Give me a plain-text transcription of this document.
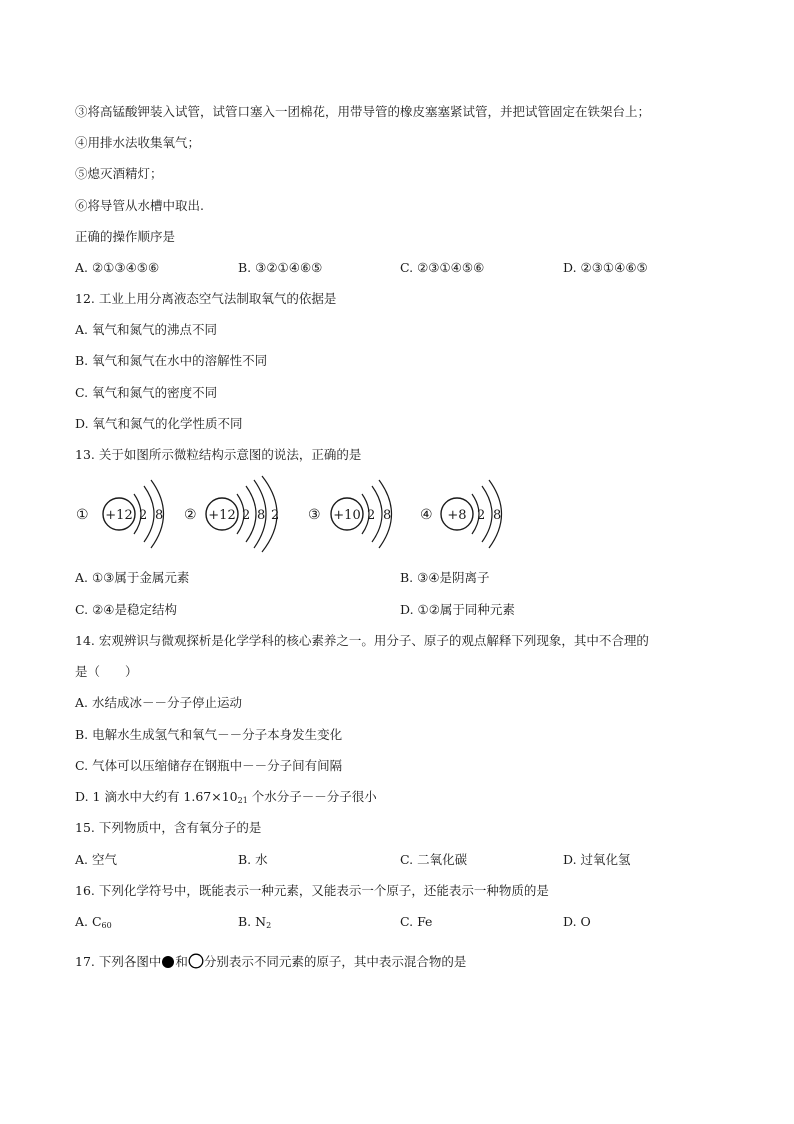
③将高锰酸钾装入试管，试管口塞入一团棉花，用带导管的橡皮塞塞紧试管，并把试管固定在铁架台上；
④用排水法收集氧气；
⑤熄灭酒精灯；
⑥将导管从水槽中取出.
正确的操作顺序是
A. ②①③④⑤⑥	B. ③②①④⑥⑤	C. ②③①④⑤⑥	D. ②③①④⑥⑤
12. 工业上用分离液态空气法制取氧气的依据是
A. 氧气和氮气的沸点不同
B. 氧气和氮气在水中的溶解性不同
C. 氧气和氮气的密度不同
D. 氧气和氮气的化学性质不同
13. 关于如图所示微粒结构示意图的说法，正确的是
① +12 2 8 ② +12 2 8 2 ③ +10 2 8 ④ +8 2 8
A. ①③属于金属元素	B. ③④是阴离子
C. ②④是稳定结构	D. ①②属于同种元素
14. 宏观辨识与微观探析是化学学科的核心素养之一。用分子、原子的观点解释下列现象，其中不合理的
是（　　）
A. 水结成冰－－分子停止运动
B. 电解水生成氢气和氧气－－分子本身发生变化
C. 气体可以压缩储存在钢瓶中－－分子间有间隔
D. 1 滴水中大约有 $1.67\times 10_{21}$ 个水分子－－分子很小
15. 下列物质中，含有氧分子的是
A. 空气	B. 水	C. 二氧化碳	D. 过氧化氢
16. 下列化学符号中，既能表示一种元素，又能表示一个原子，还能表示一种物质的是
A. $C_{60}$	B. $N_2$	C. Fe	D. O
17. 下列各图中 和 分别表示不同元素的原子，其中表示混合物的是
